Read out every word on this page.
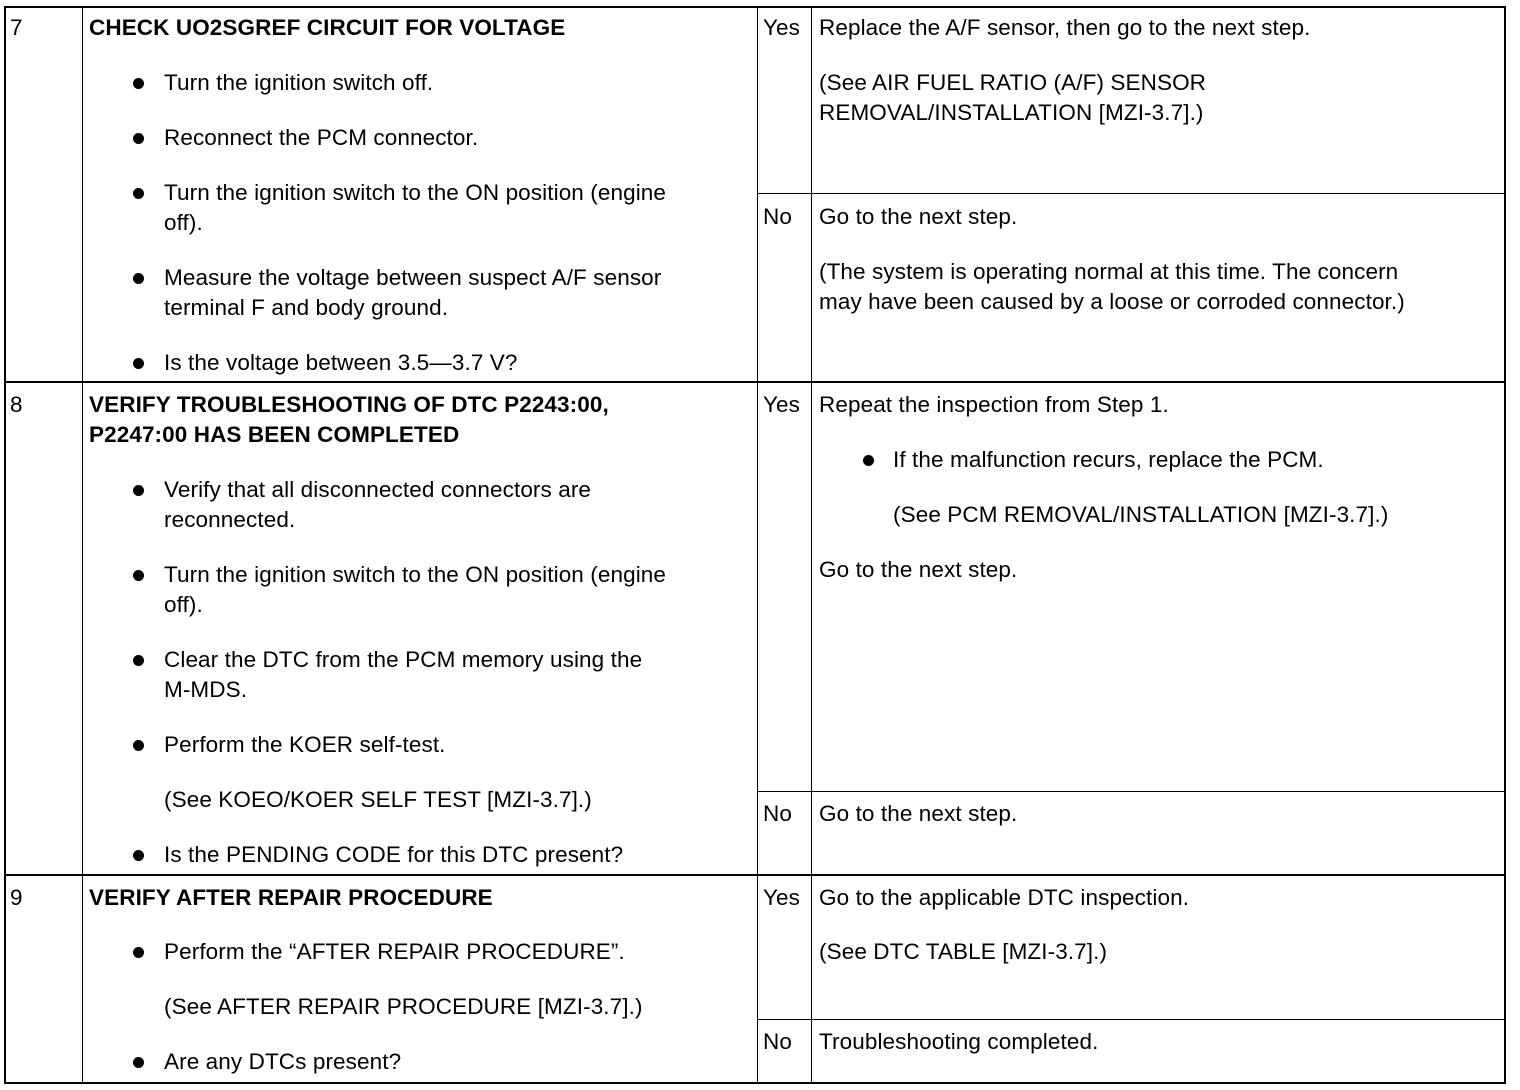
7	CHECK UO2SGREF CIRCUIT FOR VOLTAGE
Turn the ignition switch off.
Reconnect the PCM connector.
Turn the ignition switch to the ON position (engine
off).
Measure the voltage between suspect A/F sensor
terminal F and body ground.
Is the voltage between 3.5—3.7 V?
Yes Replace the A/F sensor, then go to the next step.
(See AIR FUEL RATIO (A/F) SENSOR
REMOVAL/INSTALLATION [MZI-3.7].)
No Go to the next step.
(The system is operating normal at this time. The concern
may have been caused by a loose or corroded connector.)
8	VERIFY TROUBLESHOOTING OF DTC P2243:00,
P2247:00 HAS BEEN COMPLETED
Verify that all disconnected connectors are
reconnected.
Turn the ignition switch to the ON position (engine
off).
Clear the DTC from the PCM memory using the
M-MDS.
Perform the KOER self-test.
(See KOEO/KOER SELF TEST [MZI-3.7].)
Is the PENDING CODE for this DTC present?
Yes Repeat the inspection from Step 1.
If the malfunction recurs, replace the PCM.
(See PCM REMOVAL/INSTALLATION [MZI-3.7].)
Go to the next step.
No Go to the next step.
9	VERIFY AFTER REPAIR PROCEDURE
Perform the “AFTER REPAIR PROCEDURE”.
(See AFTER REPAIR PROCEDURE [MZI-3.7].)
Are any DTCs present?
Yes Go to the applicable DTC inspection.
(See DTC TABLE [MZI-3.7].)
No Troubleshooting completed.
